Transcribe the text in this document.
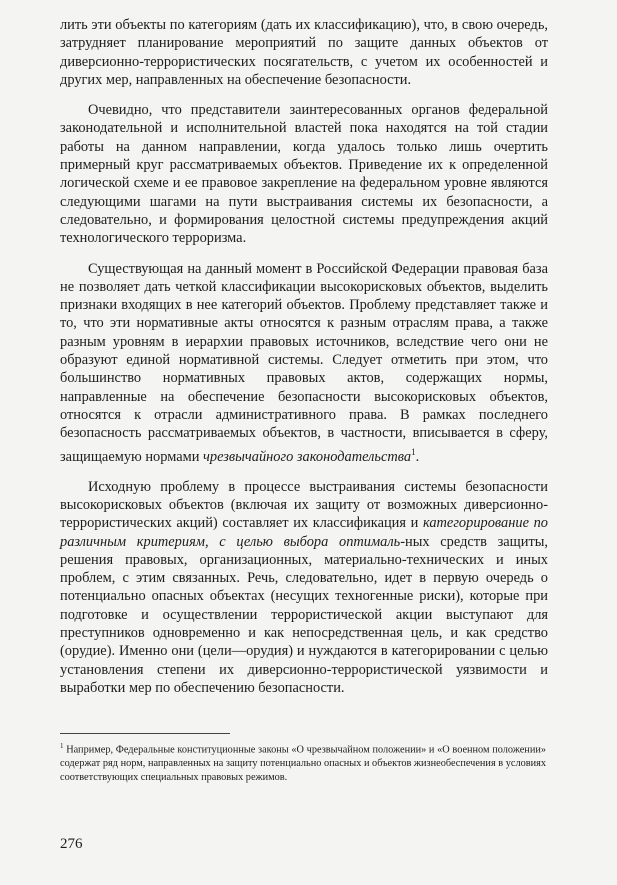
лить эти объекты по категориям (дать их классификацию), что, в свою очередь, затрудняет планирование мероприятий по защите данных объектов от диверсионно-террористических посягательств, с учетом их особенностей и других мер, направленных на обеспечение безопасности.

Очевидно, что представители заинтересованных органов федеральной законодательной и исполнительной властей пока находятся на той стадии работы на данном направлении, когда удалось только лишь очертить примерный круг рассматриваемых объектов. Приведение их к определенной логической схеме и ее правовое закрепление на федеральном уровне являются следующими шагами на пути выстраивания системы их безопасности, а следовательно, и формирования целостной системы предупреждения акций технологического терроризма.

Существующая на данный момент в Российской Федерации правовая база не позволяет дать четкой классификации высокорисковых объектов, выделить признаки входящих в нее категорий объектов. Проблему представляет также и то, что эти нормативные акты относятся к разным отраслям права, а также разным уровням в иерархии правовых источников, вследствие чего они не образуют единой нормативной системы. Следует отметить при этом, что большинство нормативных правовых актов, содержащих нормы, направленные на обеспечение безопасности высокорисковых объектов, относятся к отрасли административного права. В рамках последнего безопасность рассматриваемых объектов, в частности, вписывается в сферу, защищаемую нормами чрезвычайного законодательства$^1$.

Исходную проблему в процессе выстраивания системы безопасности высокорисковых объектов (включая их защиту от возможных диверсионно-террористических акций) составляет их классификация и категорирование по различным критериям, с целью выбора оптималь-ных средств защиты, решения правовых, организационных, материально-технических и иных проблем, с этим связанных. Речь, следовательно, идет в первую очередь о потенциально опасных объектах (несущих техногенные риски), которые при подготовке и осуществлении террористической акции выступают для преступников одновременно и как непосредственная цель, и как средство (орудие). Именно они (цели—орудия) и нуждаются в категорировании с целью установления степени их диверсионно-террористической уязвимости и выработки мер по обеспечению безопасности.

$^1$ Например, Федеральные конституционные законы «О чрезвычайном положении» и «О военном положении» содержат ряд норм, направленных на защиту потенциально опасных и объектов жизнеобеспечения в условиях соответствующих специальных правовых режимов.
276
